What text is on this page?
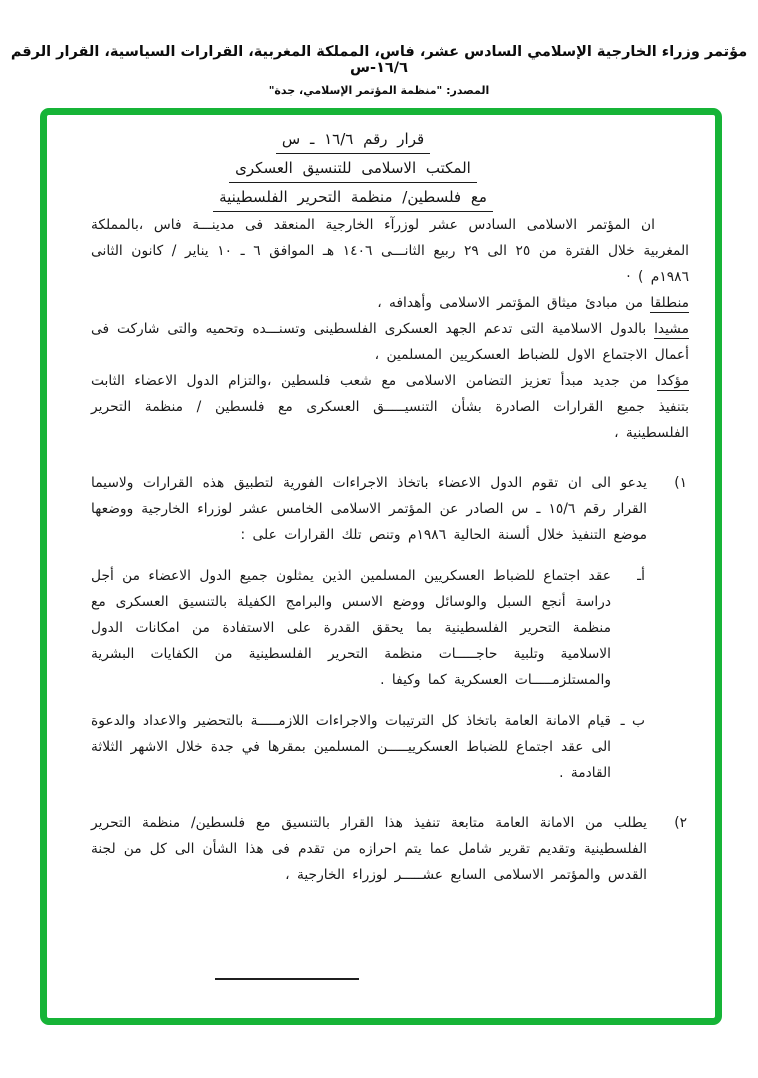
مؤتمر وزراء الخارجية الإسلامي السادس عشر، فاس، المملكة المغربية، القرارات السياسية، القرار الرقم ١٦/٦-س
المصدر: "منظمة المؤتمر الإسلامي، جدة"
قرار رقم ١٦/٦ ـ س
المكتب الاسلامى للتنسيق العسكرى
مع فلسطين/ منظمة التحرير الفلسطينية

ان المؤتمر الاسلامى السادس عشر لوزرآء الخارجية المنعقد فى مدينـــة فاس ،بالمملكة المغربية خلال الفترة من ٢٥ الى ٢٩ ربيع الثانـــى ١٤٠٦ هـ الموافق ٦ ـ ١٠ يناير / كانون الثانى ١٩٨٦م ) ·

منطلقا من مبادئ ميثاق المؤتمر الاسلامى وأهدافه ،

مشيدا بالدول الاسلامية التى تدعم الجهد العسكرى الفلسطينى وتسنـــده وتحميه والتى شاركت فى أعمال الاجتماع الاول للضباط العسكريين المسلمين ،

مؤكدا من جديد مبدأ تعزيز التضامن الاسلامى مع شعب فلسطين ،والتزام الدول الاعضاء الثابت بتنفيذ جميع القرارات الصادرة بشأن التنسيـــــق العسكرى مع فلسطين / منظمة التحرير الفلسطينية ،

١)

يدعو الى ان تقوم الدول الاعضاء باتخاذ الاجراءات الفورية لتطبيق هذه القرارات ولاسيما القرار رقم ١٥/٦ ـ س الصادر عن المؤتمر الاسلامى الخامس عشر لوزراء الخارجية ووضعها موضع التنفيذ خلال ألسنة الحالية ١٩٨٦م وتنص تلك القرارات على :

أـ

عقد اجتماع للضباط العسكريين المسلمين الذين يمثلون جميع الدول الاعضاء من أجل دراسة أنجع السبل والوسائل ووضع الاسس والبرامج الكفيلة بالتنسيق العسكرى مع منظمة التحرير الفلسطينية بما يحقق القدرة على الاستفادة من امكانات الدول الاسلامية وتلبية حاجـــــات منظمة التحرير الفلسطينية من الكفايات البشرية والمستلزمـــــات العسكرية كما وكيفا .

ب ـ

قيام الامانة العامة باتخاذ كل الترتيبات والاجراءات اللازمـــــة بالتحضير والاعداد والدعوة الى عقد اجتماع للضباط العسكرييـــــن المسلمين بمقرها في جدة خلال الاشهر الثلاثة القادمة .

٢)

يطلب من الامانة العامة متابعة تنفيذ هذا القرار بالتنسيق مع فلسطين/ منظمة التحرير الفلسطينية وتقديم تقرير شامل عما يتم احرازه من تقدم فى هذا الشأن الى كل من لجنة القدس والمؤتمر الاسلامى السابع عشـــــر لوزراء الخارجية ،
